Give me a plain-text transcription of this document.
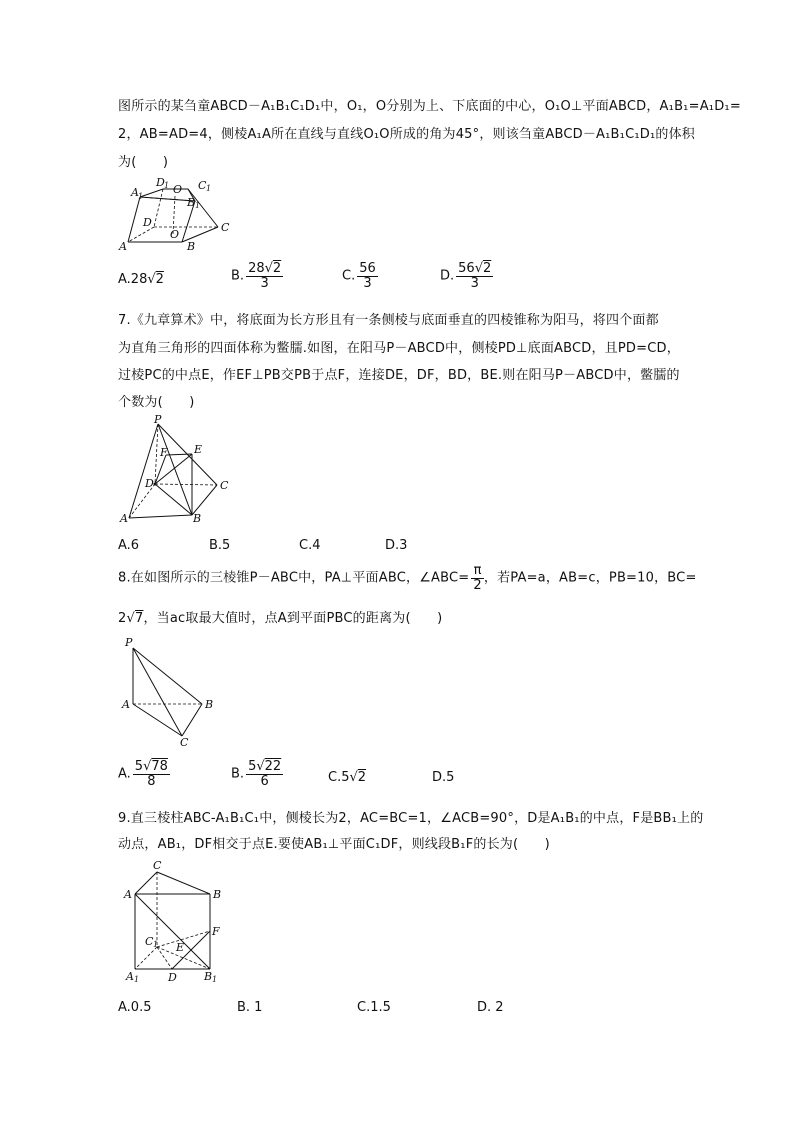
图所示的某刍童ABCD－A₁B₁C₁D₁中，O₁，O分别为上、下底面的中心，O₁O⊥平面ABCD，A₁B₁=A₁D₁=
2，AB=AD=4，侧棱A₁A所在直线与直线O₁O所成的角为45°，则该刍童ABCD－A₁B₁C₁D₁的体积
为(　　)
A 1
D 1 O C 1
B 1
D
O
A	B
C
A.28√2	B. $\frac{28√2}{3}$	C. $\frac{56}{3}$	D. $\frac{56√2}{3}$
7.《九章算术》中，将底面为长方形且有一条侧棱与底面垂直的四棱锥称为阳马，将四个面都
为直角三角形的四面体称为鳖臑.如图，在阳马P－ABCD中，侧棱PD⊥底面ABCD，且PD=CD，
过棱PC的中点E，作EF⊥PB交PB于点F，连接DE，DF，BD，BE.则在阳马P－ABCD中，鳖臑的
个数为(　　)
P
E
F
D	C
A	B
A.6	B.5	C.4	D.3
8.在如图所示的三棱锥P－ABC中，PA⊥平面ABC，∠ABC= $\frac{\pi}{2}$ ，若PA=a，AB=c，PB=10，BC=
2√7，当ac取最大值时，点A到平面PBC的距离为(　　)
P
A	B
C
A. $\frac{5√78}{8}$	B. $\frac{5√22}{6}$	C.5√2	D.5
9.直三棱柱ABC-A₁B₁C₁中，侧棱长为2，AC=BC=1，∠ACB=90°，D是A₁B₁的中点，F是BB₁上的
动点，AB₁，DF相交于点E.要使AB₁⊥平面C₁DF，则线段B₁F的长为(　　)
C
A	B
C 1
F
E
A 1	D B 1
A.0.5	B. 1	C.1.5	D. 2
